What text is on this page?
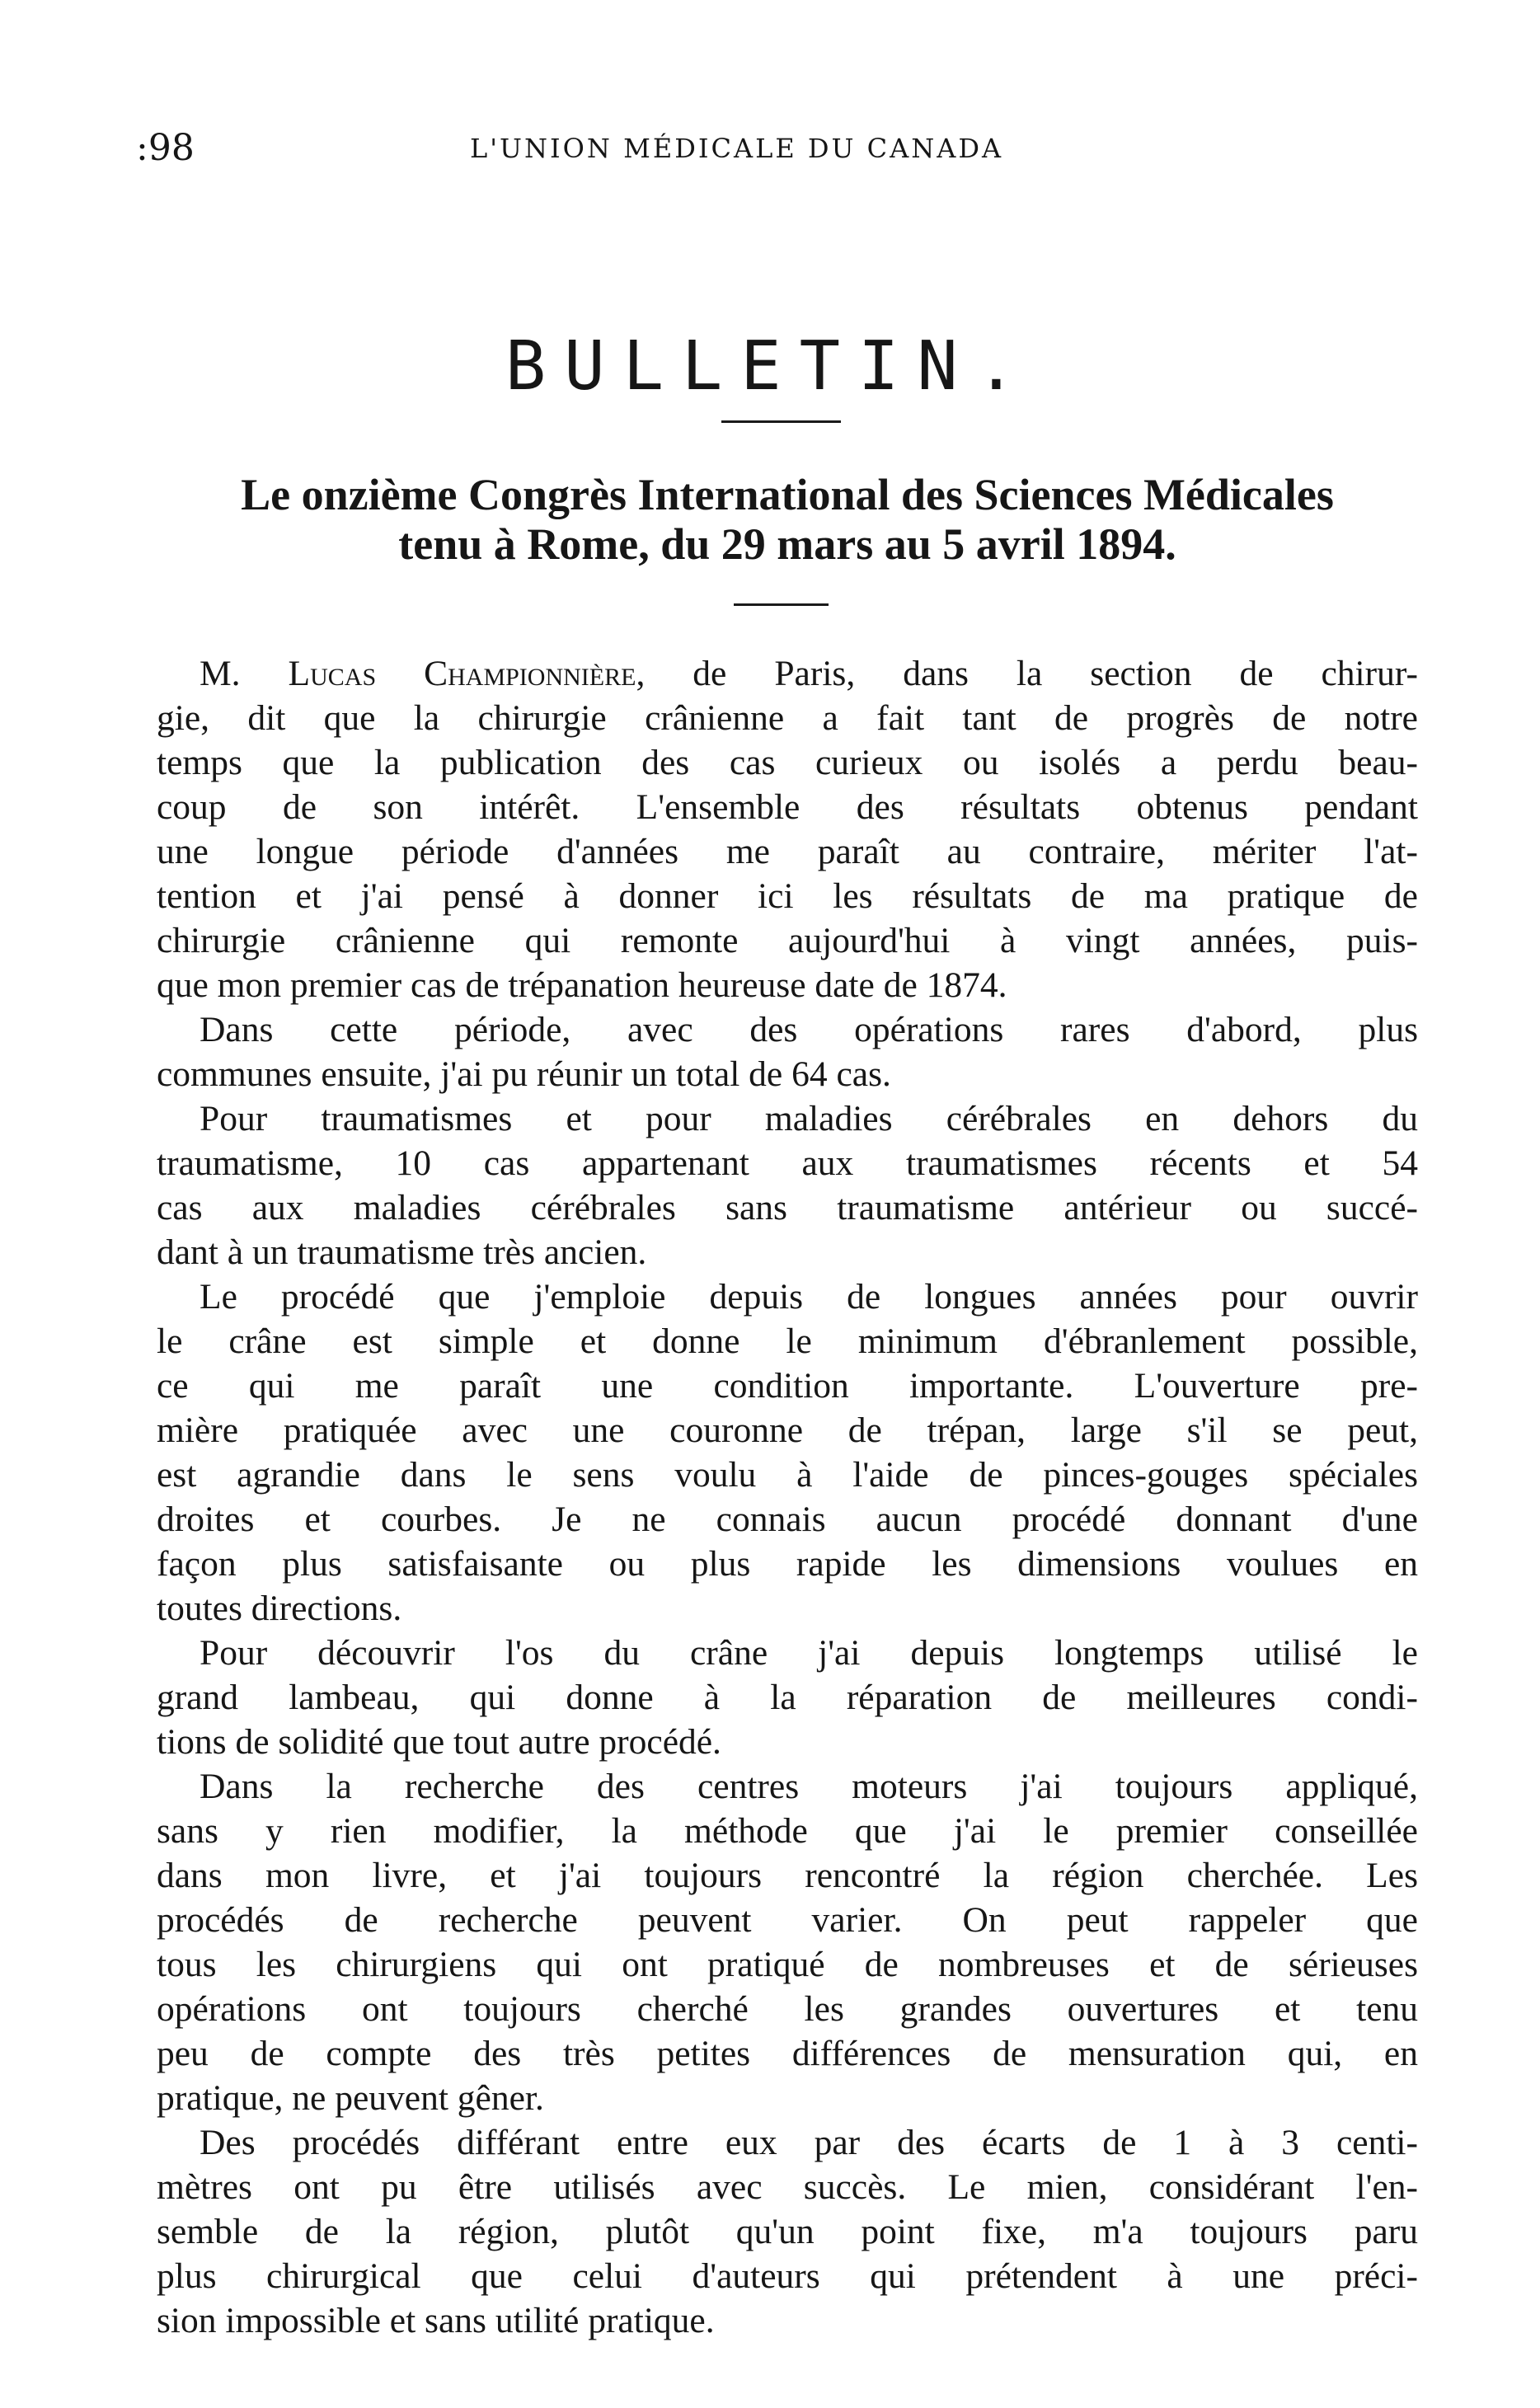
:98	L'UNION MÉDICALE DU CANADA
BULLETIN.
Le onzième Congrès International des Sciences Médicales
tenu à Rome, du 29 mars au 5 avril 1894.
M. Lucas Championnière, de Paris, dans la section de chirur-
gie, dit que la chirurgie crânienne a fait tant de progrès de notre
temps que la publication des cas curieux ou isolés a perdu beau-
coup de son intérêt. L'ensemble des résultats obtenus pendant
une longue période d'années me paraît au contraire, mériter l'at-
tention et j'ai pensé à donner ici les résultats de ma pratique de
chirurgie crânienne qui remonte aujourd'hui à vingt années, puis-
que mon premier cas de trépanation heureuse date de 1874.
Dans cette période, avec des opérations rares d'abord, plus
communes ensuite, j'ai pu réunir un total de 64 cas.
Pour traumatismes et pour maladies cérébrales en dehors du
traumatisme, 10 cas appartenant aux traumatismes récents et 54
cas aux maladies cérébrales sans traumatisme antérieur ou succé-
dant à un traumatisme très ancien.
Le procédé que j'emploie depuis de longues années pour ouvrir
le crâne est simple et donne le minimum d'ébranlement possible,
ce qui me paraît une condition importante. L'ouverture pre-
mière pratiquée avec une couronne de trépan, large s'il se peut,
est agrandie dans le sens voulu à l'aide de pinces-gouges spéciales
droites et courbes. Je ne connais aucun procédé donnant d'une
façon plus satisfaisante ou plus rapide les dimensions voulues en
toutes directions.
Pour découvrir l'os du crâne j'ai depuis longtemps utilisé le
grand lambeau, qui donne à la réparation de meilleures condi-
tions de solidité que tout autre procédé.
Dans la recherche des centres moteurs j'ai toujours appliqué,
sans y rien modifier, la méthode que j'ai le premier conseillée
dans mon livre, et j'ai toujours rencontré la région cherchée. Les
procédés de recherche peuvent varier. On peut rappeler que
tous les chirurgiens qui ont pratiqué de nombreuses et de sérieuses
opérations ont toujours cherché les grandes ouvertures et tenu
peu de compte des très petites différences de mensuration qui, en
pratique, ne peuvent gêner.
Des procédés différant entre eux par des écarts de 1 à 3 centi-
mètres ont pu être utilisés avec succès. Le mien, considérant l'en-
semble de la région, plutôt qu'un point fixe, m'a toujours paru
plus chirurgical que celui d'auteurs qui prétendent à une préci-
sion impossible et sans utilité pratique.
